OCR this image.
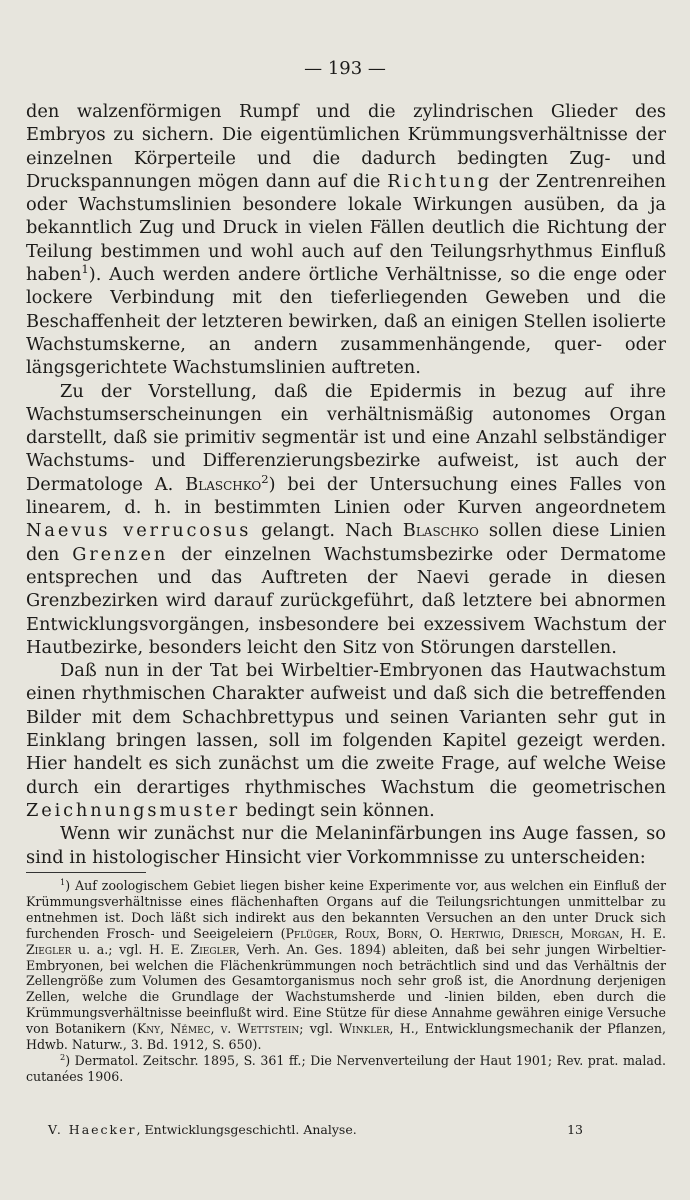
— 193 —

den walzenförmigen Rumpf und die zylindrischen Glieder des Embryos zu sichern. Die eigentümlichen Krümmungsverhältnisse der einzelnen Körperteile und die dadurch bedingten Zug- und Druckspannungen mögen dann auf die Richtung der Zentrenreihen oder Wachstumslinien besondere lokale Wirkungen ausüben, da ja bekanntlich Zug und Druck in vielen Fällen deutlich die Richtung der Teilung bestimmen und wohl auch auf den Teilungsrhythmus Einfluß haben$^1$). Auch werden andere örtliche Verhältnisse, so die enge oder lockere Verbindung mit den tieferliegenden Geweben und die Beschaffenheit der letzteren bewirken, daß an einigen Stellen isolierte Wachstumskerne, an andern zusammenhängende, quer- oder längsgerichtete Wachstumslinien auftreten.

Zu der Vorstellung, daß die Epidermis in bezug auf ihre Wachstumserscheinungen ein verhältnismäßig autonomes Organ darstellt, daß sie primitiv segmentär ist und eine Anzahl selbständiger Wachstums- und Differenzierungsbezirke aufweist, ist auch der Dermatologe A. Blaschko$^2$) bei der Untersuchung eines Falles von linearem, d. h. in bestimmten Linien oder Kurven angeordnetem Naevus verrucosus gelangt. Nach Blaschko sollen diese Linien den Grenzen der einzelnen Wachstumsbezirke oder Dermatome entsprechen und das Auftreten der Naevi gerade in diesen Grenzbezirken wird darauf zurückgeführt, daß letztere bei abnormen Entwicklungsvorgängen, insbesondere bei exzessivem Wachstum der Hautbezirke, besonders leicht den Sitz von Störungen darstellen.

Daß nun in der Tat bei Wirbeltier-Embryonen das Hautwachstum einen rhythmischen Charakter aufweist und daß sich die betreffenden Bilder mit dem Schachbrettypus und seinen Varianten sehr gut in Einklang bringen lassen, soll im folgenden Kapitel gezeigt werden. Hier handelt es sich zunächst um die zweite Frage, auf welche Weise durch ein derartiges rhythmisches Wachstum die geometrischen Zeichnungsmuster bedingt sein können.

Wenn wir zunächst nur die Melaninfärbungen ins Auge fassen, so sind in histologischer Hinsicht vier Vorkommnisse zu unterscheiden:

$^1$) Auf zoologischem Gebiet liegen bisher keine Experimente vor, aus welchen ein Einfluß der Krümmungsverhältnisse eines flächenhaften Organs auf die Teilungsrichtungen unmittelbar zu entnehmen ist. Doch läßt sich indirekt aus den bekannten Versuchen an den unter Druck sich furchenden Frosch- und Seeigeleiern (Pflüger, Roux, Born, O. Hertwig, Driesch, Morgan, H. E. Ziegler u. a.; vgl. H. E. Ziegler, Verh. An. Ges. 1894) ableiten, daß bei sehr jungen Wirbeltier-Embryonen, bei welchen die Flächenkrümmungen noch beträchtlich sind und das Verhältnis der Zellengröße zum Volumen des Gesamtorganismus noch sehr groß ist, die Anordnung derjenigen Zellen, welche die Grundlage der Wachstumsherde und -linien bilden, eben durch die Krümmungsverhältnisse beeinflußt wird. Eine Stütze für diese Annahme gewähren einige Versuche von Botanikern (Kny, Němec, v. Wettstein; vgl. Winkler, H., Entwicklungsmechanik der Pflanzen, Hdwb. Naturw., 3. Bd. 1912, S. 650).

$^2$) Dermatol. Zeitschr. 1895, S. 361 ff.; Die Nervenverteilung der Haut 1901; Rev. prat. malad. cutanées 1906.

V. Haecker, Entwicklungsgeschichtl. Analyse.	13
